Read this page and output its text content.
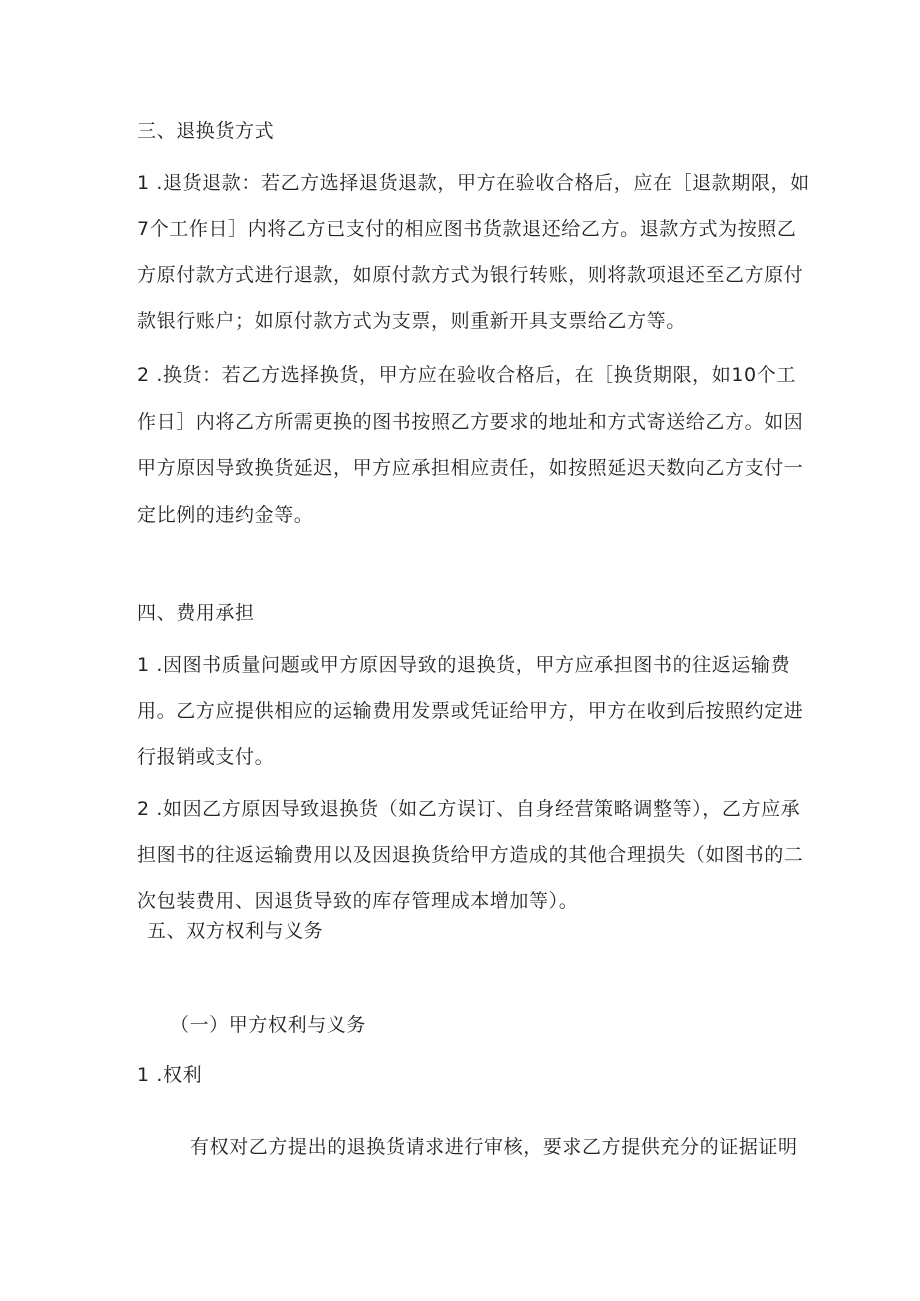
三、退换货方式
1 .退货退款：若乙方选择退货退款，甲方在验收合格后，应在［退款期限，如
7个工作日］内将乙方已支付的相应图书货款退还给乙方。退款方式为按照乙
方原付款方式进行退款，如原付款方式为银行转账，则将款项退还至乙方原付
款银行账户；如原付款方式为支票，则重新开具支票给乙方等。
2 .换货：若乙方选择换货，甲方应在验收合格后，在［换货期限，如10个工
作日］内将乙方所需更换的图书按照乙方要求的地址和方式寄送给乙方。如因
甲方原因导致换货延迟，甲方应承担相应责任，如按照延迟天数向乙方支付一
定比例的违约金等。
四、费用承担
1 .因图书质量问题或甲方原因导致的退换货，甲方应承担图书的往返运输费
用。乙方应提供相应的运输费用发票或凭证给甲方，甲方在收到后按照约定进
行报销或支付。
2 .如因乙方原因导致退换货（如乙方误订、自身经营策略调整等），乙方应承
担图书的往返运输费用以及因退换货给甲方造成的其他合理损失（如图书的二
次包装费用、因退货导致的库存管理成本增加等）。
五、双方权利与义务
（一）甲方权利与义务
1 .权利
有权对乙方提出的退换货请求进行审核，要求乙方提供充分的证据证明
